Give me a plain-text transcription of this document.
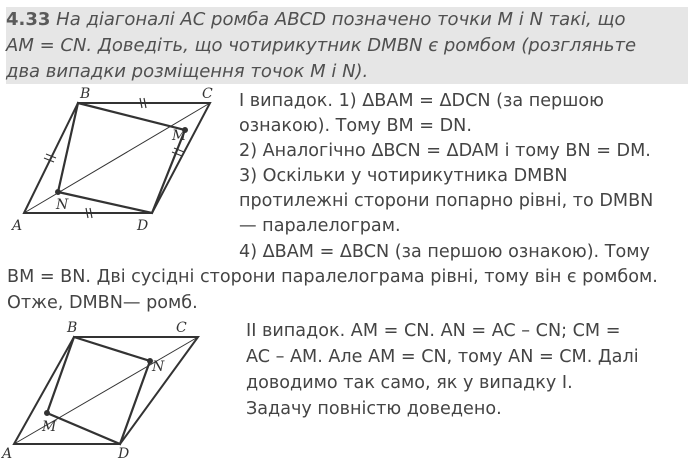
4.33 На діагоналі AC ромба ABCD позначено точки M і N такі, що
AM = CN. Доведіть, що чотирикутник DMBN є ромбом (розгляньте
два випадки розміщення точок M і N).
І випадок. 1) ΔBAM = ΔDCN (за першою
ознакою). Тому BM = DN.
2) Аналогічно ΔBCN = ΔDAM і тому BN = DM.
3) Оскільки у чотирикутника DMBN
протилежні сторони попарно рівні, то DMBN
— паралелограм.
4) ΔBAM = ΔBCN (за першою ознакою). Тому
BM = BN. Дві сусідні сторони паралелограма рівні, тому він є ромбом.
Отже, DMBN— ромб.
ІІ випадок. AM = CN. AN = AC – CN; CM =
AC – AM. Але AM = CN, тому AN = CM. Далі
доводимо так само, як у випадку І.
Задачу повністю доведено.
B	C
A	D
N
M
B	C
A	D
M
N
